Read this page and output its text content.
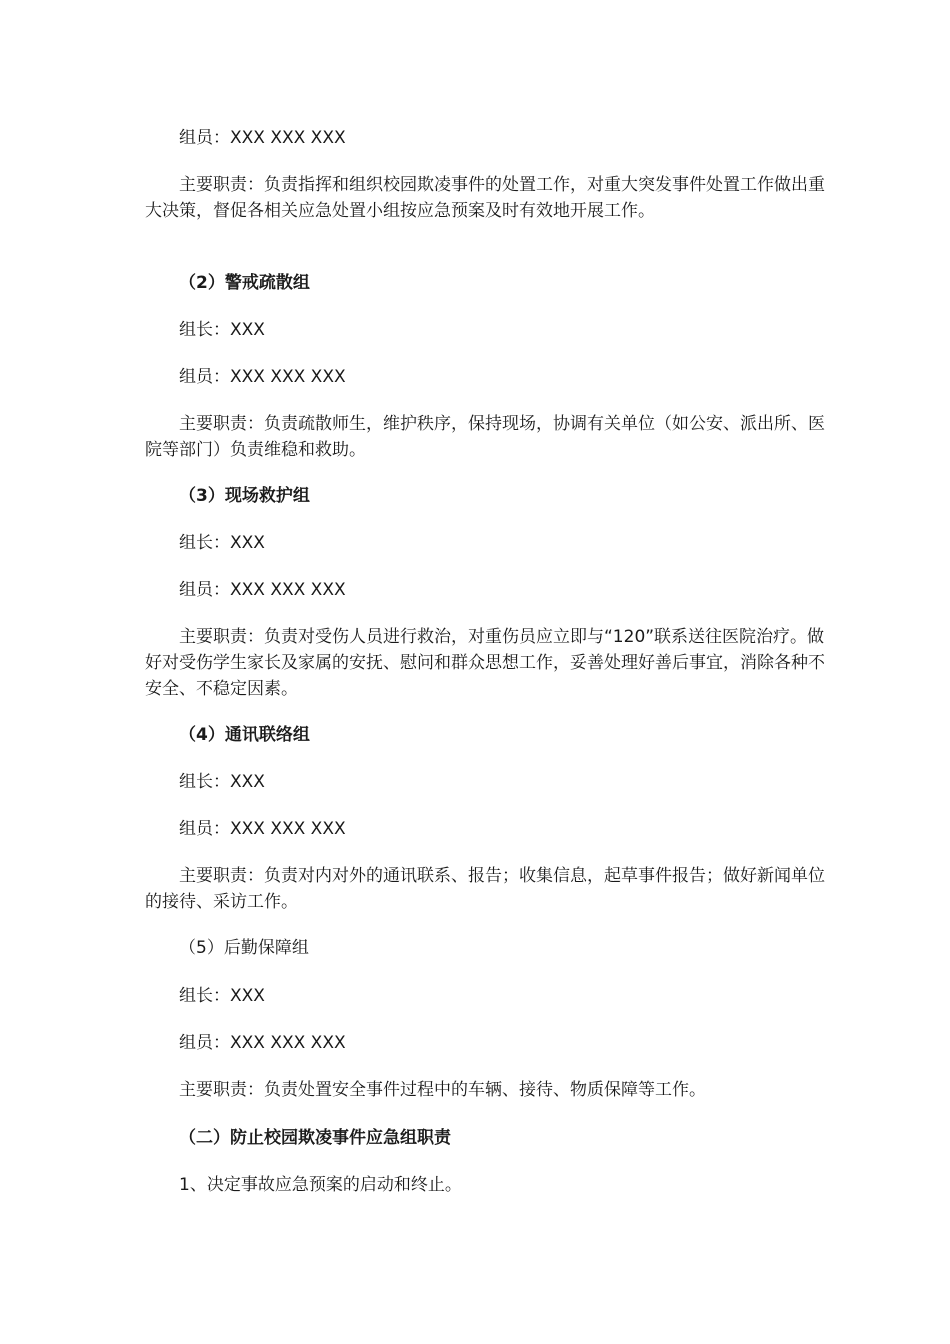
组员：XXX XXX XXX

主要职责：负责指挥和组织校园欺凌事件的处置工作，对重大突发事件处置工作做出重大决策，督促各相关应急处置小组按应急预案及时有效地开展工作。

（2）警戒疏散组

组长：XXX

组员：XXX XXX XXX

主要职责：负责疏散师生，维护秩序，保持现场，协调有关单位（如公安、派出所、医院等部门）负责维稳和救助。

（3）现场救护组

组长：XXX

组员：XXX XXX XXX

主要职责：负责对受伤人员进行救治，对重伤员应立即与“120”联系送往医院治疗。做好对受伤学生家长及家属的安抚、慰问和群众思想工作，妥善处理好善后事宜，消除各种不安全、不稳定因素。

（4）通讯联络组

组长：XXX

组员：XXX XXX XXX

主要职责：负责对内对外的通讯联系、报告；收集信息，起草事件报告；做好新闻单位的接待、采访工作。

（5）后勤保障组

组长：XXX

组员：XXX XXX XXX

主要职责：负责处置安全事件过程中的车辆、接待、物质保障等工作。

（二）防止校园欺凌事件应急组职责

1、决定事故应急预案的启动和终止。
